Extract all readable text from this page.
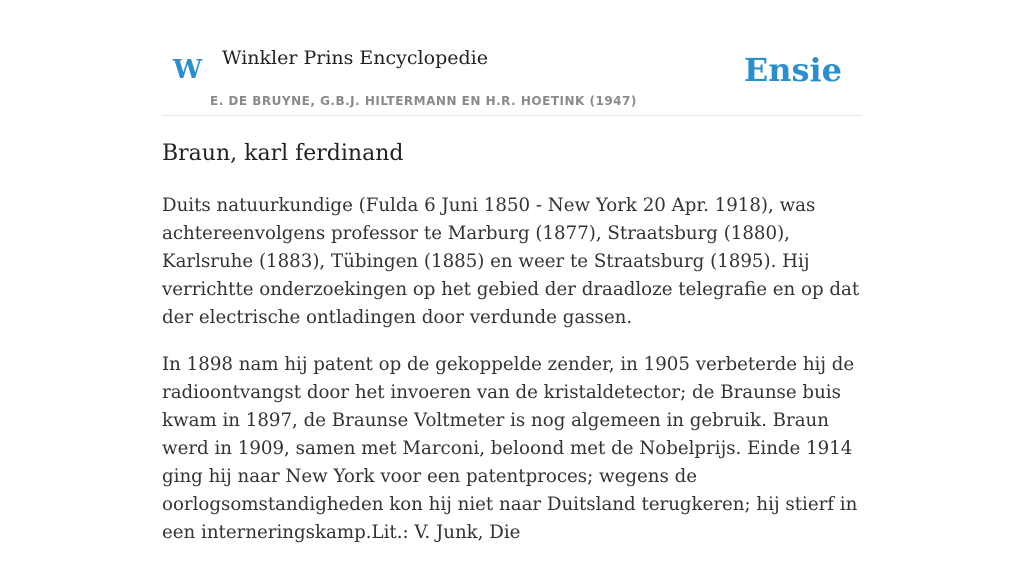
W Winkler Prins Encyclopedie
E. DE BRUYNE, G.B.J. HILTERMANN EN H.R. HOETINK (1947)
Ensie
Braun, karl ferdinand

Duits natuurkundige (Fulda 6 Juni 1850 - New York 20 Apr. 1918), was achtereenvolgens professor te Marburg (1877), Straatsburg (1880), Karlsruhe (1883), Tübingen (1885) en weer te Straatsburg (1895). Hij verrichtte onderzoekingen op het gebied der draadloze telegrafie en op dat der electrische ontladingen door verdunde gassen.

In 1898 nam hij patent op de gekoppelde zender, in 1905 verbeterde hij de radioontvangst door het invoeren van de kristaldetector; de Braunse buis kwam in 1897, de Braunse Voltmeter is nog algemeen in gebruik. Braun werd in 1909, samen met Marconi, beloond met de Nobelprijs. Einde 1914 ging hij naar New York voor een patentproces; wegens de oorlogsomstandigheden kon hij niet naar Duitsland terugkeren; hij stierf in een interneringskamp.Lit.: V. Junk, Die
